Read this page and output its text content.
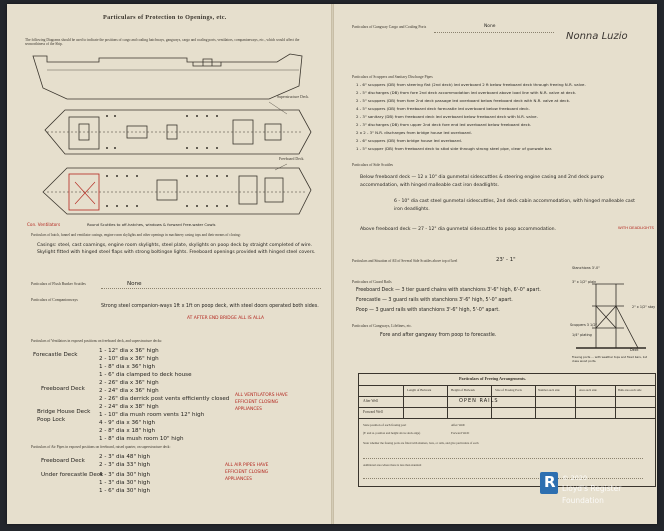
Particulars of Protection to Openings, etc.
The following Diagrams should be used to indicate the positions of cargo and coaling hatchways, gangways, cargo and coaling ports, ventilators, companionways, etc., which would affect the seaworthiness of the Ship.
Superstructure Deck.
Freeboard Deck.
Con. Ventilators	Round Scuttles to off-hatches, windows & forward Free-water Cowls
Particulars of hatch, funnel and ventilator casings, engine room skylights and other openings in machinery casing tops and their means of closing:
Casings: steel, cast coamings, engine room skylights, steel plate, skylights on poop deck by straight completed of wire. Skylight fitted with hinged steel flaps with strong boltingse lights. Freeboard openings provided with hinged steel covers.
Particulars of Flush Bunker Scuttles	None
Particulars of Companionways
Strong steel companion-ways 1ft x 1ft on poop deck, with steel doors operated both sides.
AT AFTER END BRIDGE ALL IS ALLA
Particulars of Ventilators in exposed positions on freeboard deck, and superstructure decks:
Forecastle Deck
1 - 12" dia x 36" high
2 - 10" dia x 36" high
1 - 8" dia x 36" high
1 - 6" dia clamped to deck house
Freeboard Deck
2 - 26" dia x 36" high
2 - 24" dia x 36" high
2 - 26" dia derrick post vents efficiently closed
Bridge House Deck
2 - 24" dia x 38" high
Poop Lock
1 - 10" dia mush room vents 12" high
4 - 9" dia x 36" high
2 - 8" dia x 18" high
1 - 8" dia mush room 10" high
ALL VENTILATORS HAVE EFFICIENT CLOSING APPLIANCES
Particulars of Air Pipes in exposed positions on freeboard, raised quarter, on superstructure deck:
Freeboard Deck
2 - 3" dia 48" high
2 - 3" dia 33" high
Under forecastle Deck
4 - 3" dia 30" high
1 - 3" dia 30" high
1 - 6" dia 30" high
ALL AIR PIPES HAVE EFFICIENT CLOSING APPLIANCES
Particulars of Gangway Cargo and Coaling Ports	None
Nonna Luzio
Particulars of Scuppers and Sanitary Discharge Pipes
1 - 6" scuppers (DB) from steering flat (2nd deck) led overboard 2 ft below freeboard deck through freeing N.R. valve.
2 - 5" discharges (DB) from fore 2nd deck accommodation led overboard above load line with N.R. valve at deck.
2 - 5" scuppers (DB) from fore 2nd deck passage led overboard below freeboard deck with N.R. valve at deck.
4 - 5" scuppers (DB) from freeboard deck forecastle led overboard below freeboard deck.
2 - 3" sanitary (DB) from freeboard deck led overboard below freeboard deck with N.R. valve.
2 - 3" discharges (DB) from upper 2nd deck fore end led overboard below freeboard deck.
2 x 2 - 3" N.R. discharges from bridge house led overboard.
2 - 6" scuppers (DB) from bridge house led overboard.
1 - 5" scupper (DB) from freeboard deck to stbd side through strong steel pipe, clear of gunwale bar.
Particulars of Side Scuttles
Below freeboard deck — 12 x 10" dia gunmetal sidescuttles & steering engine casing and 2nd deck pump accommodation, with hinged malleable cast iron deadlights.
6 - 10" dia cast steel gunmetal sidescuttles, 2nd deck cabin accommodation, with hinged malleable cast iron deadlights.
Above freeboard deck — 27 - 12" dia gunmetal sidescuttles to poop accommodation.	WITH DEADLIGHTS
Particulars and Situation of All of Several Side Scuttles above top of keel	23' - 1"
Particulars of Guard Rails
Freeboard Deck — 3 tier guard chains with stanchions 3'-6" high, 6'-0" apart.
Forecastle — 3 guard rails with stanchions 3'-6" high, 5'-0" apart.
Poop — 3 guard rails with stanchions 3'-6" high, 5'-0" apart.
Particulars of Gangways, Lifelines, etc.
Fore and after gangway from poop to forecastle.
Stanchions 3'-0"
3" x 1/2" plain
Scuppers 3 1/2"
1/4" plating
2" x 1/2" stay
Deck
Freeing ports ... with weather tops and fixed bars, 1st class wood ports.
Particulars of Freeing Arrangements.
Length of Bulwark	Height of Bulwark	Size of Freeing Ports	Number each side	Area each side	Bulk area each side
After Well	OPEN RAILS
Forward Well
State position of each freeing port	After Well:
(F. and A. position and height above deck edge)	Forward Well:
State whether the freeing ports are fitted with shutters, bars, or rails, and give particulars of each
Additional area where there is less than standard
R © 2020
Lloyd's Register
Foundation
